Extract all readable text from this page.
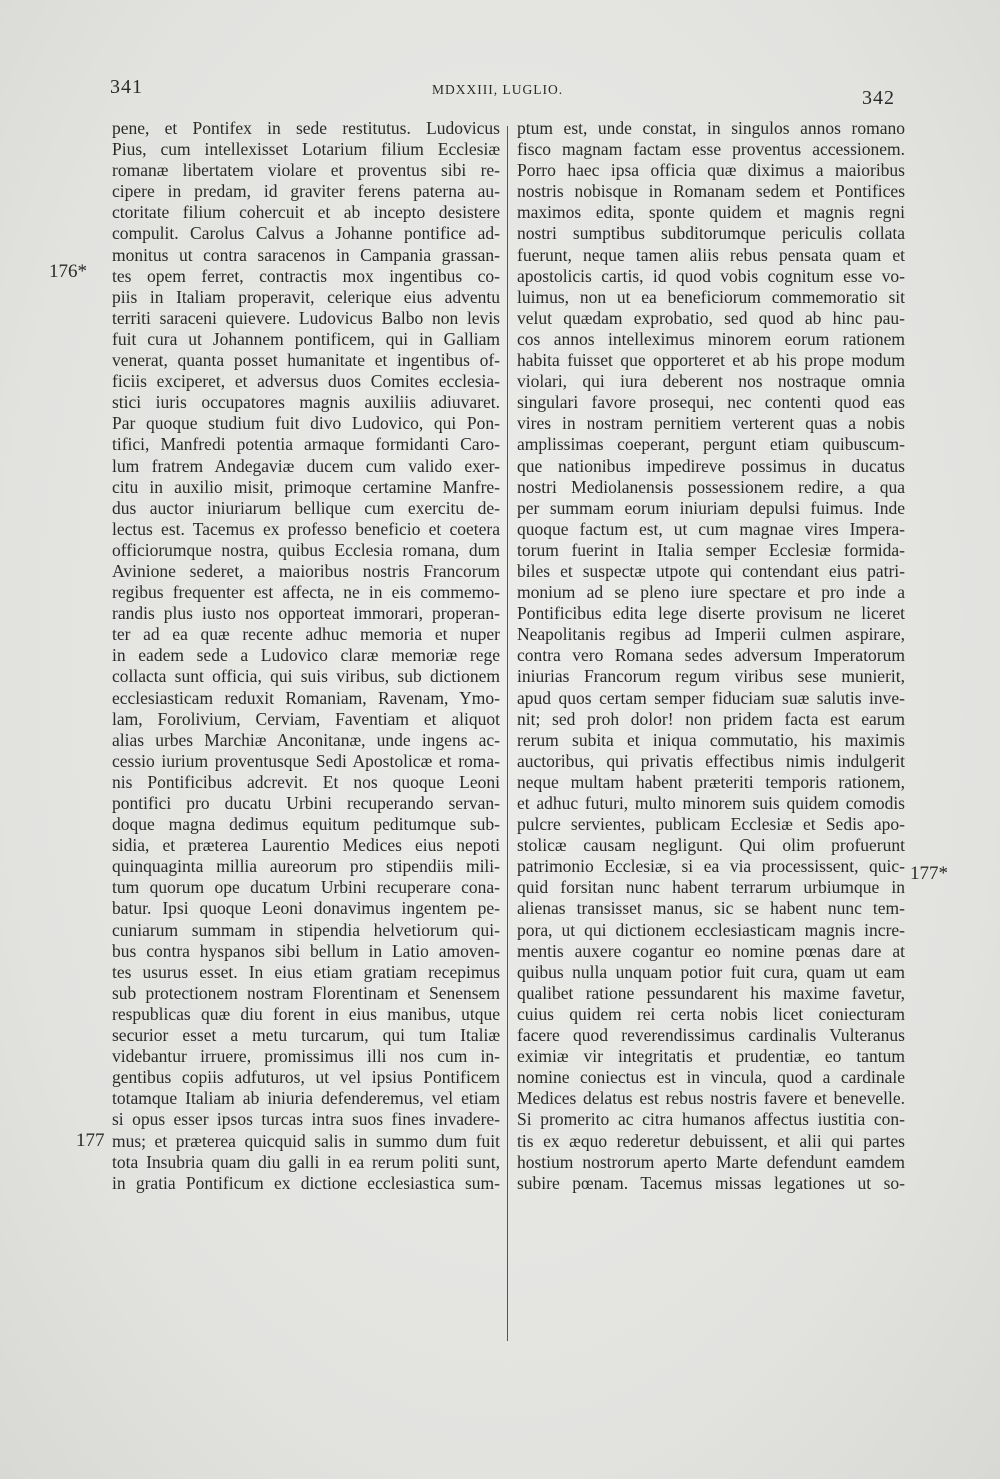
341	MDXXIII, LUGLIO.	342
176*
177
177*
pene, et Pontifex in sede restitutus. Ludovicus
Pius, cum intellexisset Lotarium filium Ecclesiæ
romanæ libertatem violare et proventus sibi re-
cipere in predam, id graviter ferens paterna au-
ctoritate filium cohercuit et ab incepto desistere
compulit. Carolus Calvus a Johanne pontifice ad-
monitus ut contra saracenos in Campania grassan-
tes opem ferret, contractis mox ingentibus co-
piis in Italiam properavit, celerique eius adventu
territi saraceni quievere. Ludovicus Balbo non levis
fuit cura ut Johannem pontificem, qui in Galliam
venerat, quanta posset humanitate et ingentibus of-
ficiis exciperet, et adversus duos Comites ecclesia-
stici iuris occupatores magnis auxiliis adiuvaret.
Par quoque studium fuit divo Ludovico, qui Pon-
tifici, Manfredi potentia armaque formidanti Caro-
lum fratrem Andegaviæ ducem cum valido exer-
citu in auxilio misit, primoque certamine Manfre-
dus auctor iniuriarum bellique cum exercitu de-
lectus est. Tacemus ex professo beneficio et coetera
officiorumque nostra, quibus Ecclesia romana, dum
Avinione sederet, a maioribus nostris Francorum
regibus frequenter est affecta, ne in eis commemo-
randis plus iusto nos opporteat immorari, properan-
ter ad ea quæ recente adhuc memoria et nuper
in eadem sede a Ludovico claræ memoriæ rege
collacta sunt officia, qui suis viribus, sub dictionem
ecclesiasticam reduxit Romaniam, Ravenam, Ymo-
lam, Forolivium, Cerviam, Faventiam et aliquot
alias urbes Marchiæ Anconitanæ, unde ingens ac-
cessio iurium proventusque Sedi Apostolicæ et roma-
nis Pontificibus adcrevit. Et nos quoque Leoni
pontifici pro ducatu Urbini recuperando servan-
doque magna dedimus equitum peditumque sub-
sidia, et præterea Laurentio Medices eius nepoti
quinquaginta millia aureorum pro stipendiis mili-
tum quorum ope ducatum Urbini recuperare cona-
batur. Ipsi quoque Leoni donavimus ingentem pe-
cuniarum summam in stipendia helvetiorum qui-
bus contra hyspanos sibi bellum in Latio amoven-
tes usurus esset. In eius etiam gratiam recepimus
sub protectionem nostram Florentinam et Senensem
respublicas quæ diu forent in eius manibus, utque
securior esset a metu turcarum, qui tum Italiæ
videbantur irruere, promissimus illi nos cum in-
gentibus copiis adfuturos, ut vel ipsius Pontificem
totamque Italiam ab iniuria defenderemus, vel etiam
si opus esser ipsos turcas intra suos fines invadere-
mus; et præterea quicquid salis in summo dum fuit
tota Insubria quam diu galli in ea rerum politi sunt,
in gratia Pontificum ex dictione ecclesiastica sum-
ptum est, unde constat, in singulos annos romano
fisco magnam factam esse proventus accessionem.
Porro haec ipsa officia quæ diximus a maioribus
nostris nobisque in Romanam sedem et Pontifices
maximos edita, sponte quidem et magnis regni
nostri sumptibus subditorumque periculis collata
fuerunt, neque tamen aliis rebus pensata quam et
apostolicis cartis, id quod vobis cognitum esse vo-
luimus, non ut ea beneficiorum commemoratio sit
velut quædam exprobatio, sed quod ab hinc pau-
cos annos intelleximus minorem eorum rationem
habita fuisset que opporteret et ab his prope modum
violari, qui iura deberent nos nostraque omnia
singulari favore prosequi, nec contenti quod eas
vires in nostram pernitiem verterent quas a nobis
amplissimas coeperant, pergunt etiam quibuscum-
que nationibus impedireve possimus in ducatus
nostri Mediolanensis possessionem redire, a qua
per summam eorum iniuriam depulsi fuimus. Inde
quoque factum est, ut cum magnae vires Impera-
torum fuerint in Italia semper Ecclesiæ formida-
biles et suspectæ utpote qui contendant eius patri-
monium ad se pleno iure spectare et pro inde a
Pontificibus edita lege diserte provisum ne liceret
Neapolitanis regibus ad Imperii culmen aspirare,
contra vero Romana sedes adversum Imperatorum
iniurias Francorum regum viribus sese munierit,
apud quos certam semper fiduciam suæ salutis inve-
nit; sed proh dolor! non pridem facta est earum
rerum subita et iniqua commutatio, his maximis
auctoribus, qui privatis effectibus nimis indulgerit
neque multam habent præteriti temporis rationem,
et adhuc futuri, multo minorem suis quidem comodis
pulcre servientes, publicam Ecclesiæ et Sedis apo-
stolicæ causam negligunt. Qui olim profuerunt
patrimonio Ecclesiæ, si ea via processissent, quic-
quid forsitan nunc habent terrarum urbiumque in
alienas transisset manus, sic se habent nunc tem-
pora, ut qui dictionem ecclesiasticam magnis incre-
mentis auxere cogantur eo nomine pœnas dare at
quibus nulla unquam potior fuit cura, quam ut eam
qualibet ratione pessundarent his maxime favetur,
cuius quidem rei certa nobis licet coniecturam
facere quod reverendissimus cardinalis Vulteranus
eximiæ vir integritatis et prudentiæ, eo tantum
nomine coniectus est in vincula, quod a cardinale
Medices delatus est rebus nostris favere et benevelle.
Si promerito ac citra humanos affectus iustitia con-
tis ex æquo rederetur debuissent, et alii qui partes
hostium nostrorum aperto Marte defendunt eamdem
subire pœnam. Tacemus missas legationes ut so-
